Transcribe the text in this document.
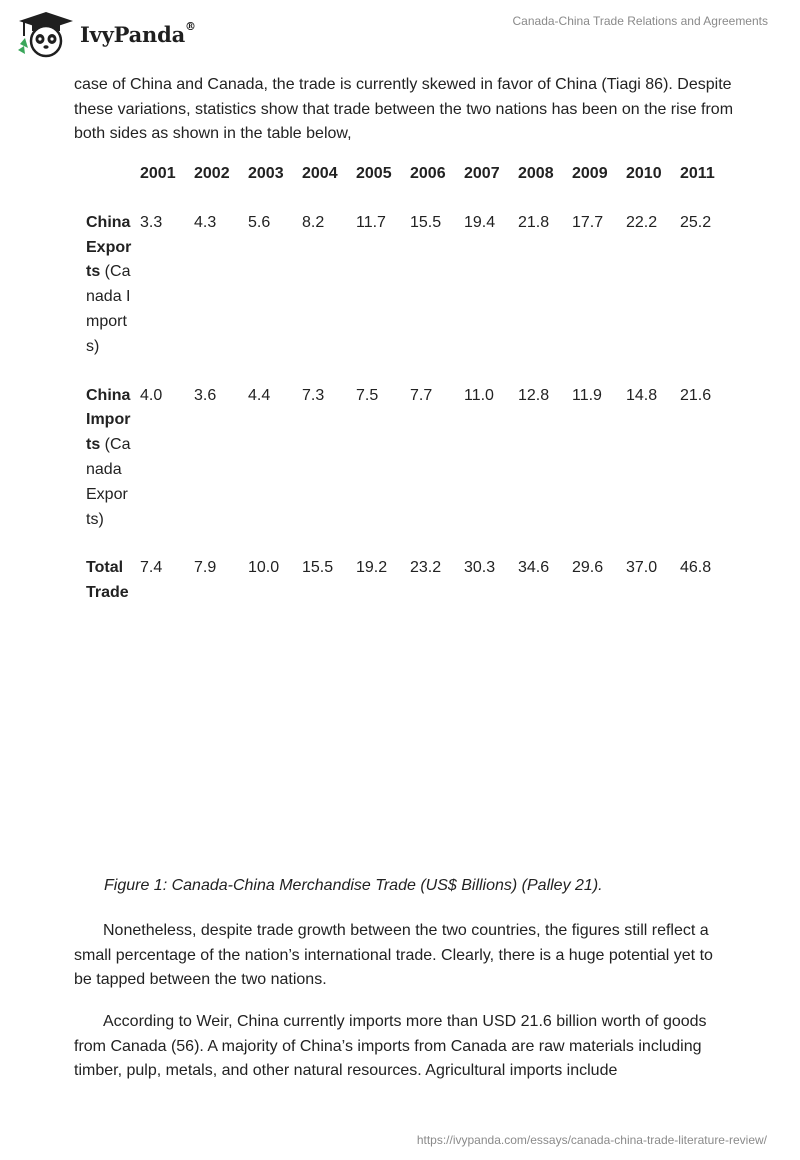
IvyPanda®	Canada-China Trade Relations and Agreements

case of China and Canada, the trade is currently skewed in favor of China (Tiagi 86). Despite these variations, statistics show that trade between the two nations has been on the rise from both sides as shown in the table below,

	2001	2002	2003	2004	2005	2006	2007	2008	2009	2010	2011
China Exports (Canada Imports)	3.3	4.3	5.6	8.2	11.7	15.5	19.4	21.8	17.7	22.2	25.2
China Imports (Canada Exports)	4.0	3.6	4.4	7.3	7.5	7.7	11.0	12.8	11.9	14.8	21.6
Total Trade	7.4	7.9	10.0	15.5	19.2	23.2	30.3	34.6	29.6	37.0	46.8

Figure 1: Canada-China Merchandise Trade (US$ Billions) (Palley 21).

Nonetheless, despite trade growth between the two countries, the figures still reflect a small percentage of the nation’s international trade. Clearly, there is a huge potential yet to be tapped between the two nations.

According to Weir, China currently imports more than USD 21.6 billion worth of goods from Canada (56). A majority of China’s imports from Canada are raw materials including timber, pulp, metals, and other natural resources. Agricultural imports include

https://ivypanda.com/essays/canada-china-trade-literature-review/
